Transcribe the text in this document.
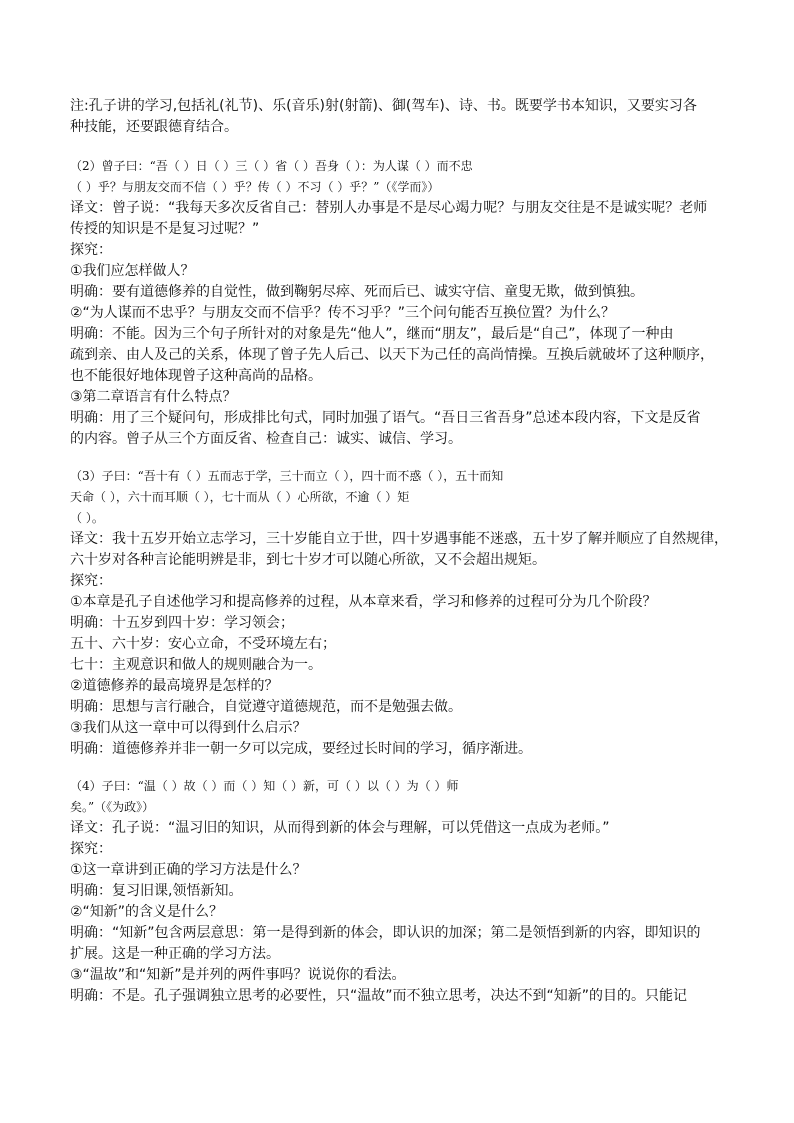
注:孔子讲的学习,包括礼(礼节)、乐(音乐)射(射箭)、御(驾车)、诗、书。既要学书本知识，又要实习各
种技能，还要跟德育结合。
（2）曾子曰：“吾（ ）日（ ）三（ ）省（ ）吾身（ ）：为人谋（ ）而不忠
（ ）乎？与朋友交而不信（ ）乎？传（ ）不习（ ）乎？”（《学而》）
译文：曾子说：“我每天多次反省自己：替别人办事是不是尽心竭力呢？与朋友交往是不是诚实呢？老师
传授的知识是不是复习过呢？”
探究：
①我们应怎样做人？
明确：要有道德修养的自觉性，做到鞠躬尽瘁、死而后已、诚实守信、童叟无欺，做到慎独。
②“为人谋而不忠乎？与朋友交而不信乎？传不习乎？”三个问句能否互换位置？为什么？
明确：不能。因为三个句子所针对的对象是先“他人”，继而“朋友”，最后是“自己”，体现了一种由
疏到亲、由人及己的关系，体现了曾子先人后己、以天下为己任的高尚情操。互换后就破坏了这种顺序，
也不能很好地体现曾子这种高尚的品格。
③第二章语言有什么特点？
明确：用了三个疑问句，形成排比句式，同时加强了语气。“吾日三省吾身”总述本段内容，下文是反省
的内容。曾子从三个方面反省、检查自己：诚实、诚信、学习。
（3）子曰：“吾十有（ ）五而志于学，三十而立（ ），四十而不惑（ ），五十而知
天命（ ），六十而耳顺（ ），七十而从（ ）心所欲，不逾（ ）矩
（ ）。
译文：我十五岁开始立志学习，三十岁能自立于世，四十岁遇事能不迷惑，五十岁了解并顺应了自然规律，
六十岁对各种言论能明辨是非，到七十岁才可以随心所欲，又不会超出规矩。
探究：
①本章是孔子自述他学习和提高修养的过程，从本章来看，学习和修养的过程可分为几个阶段？
明确：十五岁到四十岁：学习领会；
五十、六十岁：安心立命，不受环境左右；
七十：主观意识和做人的规则融合为一。
②道德修养的最高境界是怎样的？
明确：思想与言行融合，自觉遵守道德规范，而不是勉强去做。
③我们从这一章中可以得到什么启示？
明确：道德修养并非一朝一夕可以完成，要经过长时间的学习，循序渐进。
（4）子曰：“温（ ）故（ ）而（ ）知（ ）新，可（ ）以（ ）为（ ）师
矣。”（《为政》）
译文：孔子说：“温习旧的知识，从而得到新的体会与理解，可以凭借这一点成为老师。”
探究：
①这一章讲到正确的学习方法是什么？
明确：复习旧课,领悟新知。
②“知新”的含义是什么？
明确：“知新”包含两层意思：第一是得到新的体会，即认识的加深；第二是领悟到新的内容，即知识的
扩展。这是一种正确的学习方法。
③“温故”和“知新”是并列的两件事吗？说说你的看法。
明确：不是。孔子强调独立思考的必要性，只“温故”而不独立思考，决达不到“知新”的目的。只能记
